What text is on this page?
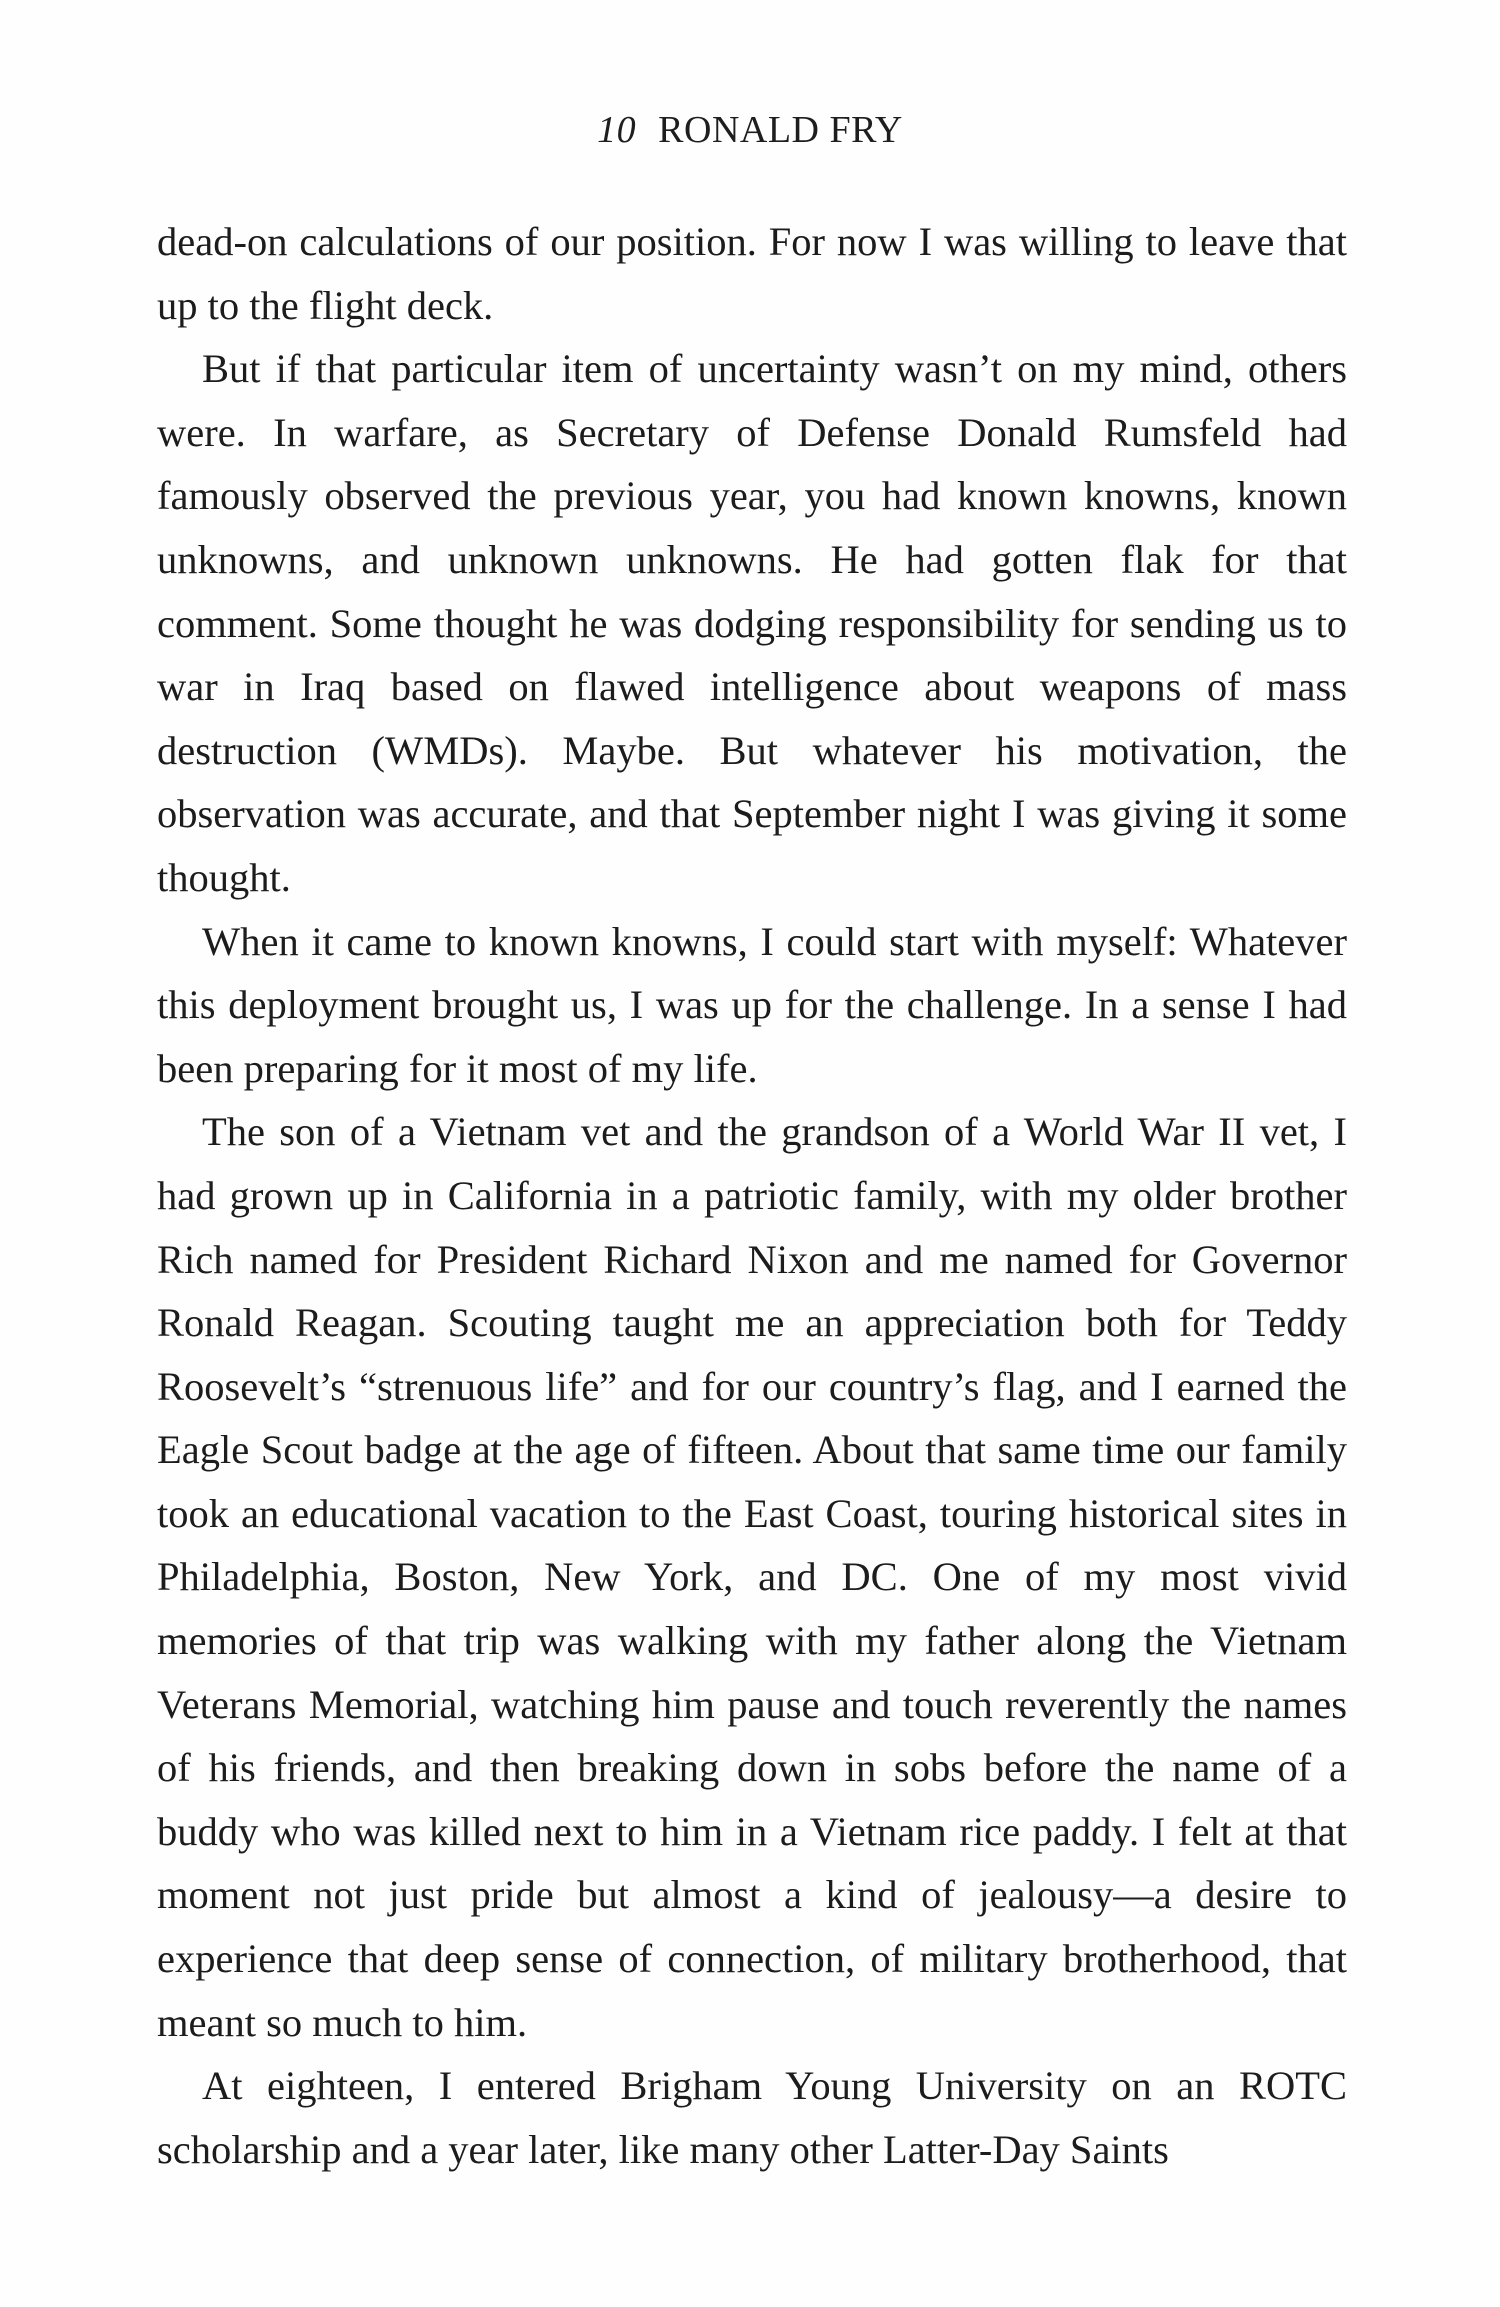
10 RONALD FRY

dead-on calculations of our position. For now I was willing to leave that up to the flight deck.

But if that particular item of uncertainty wasn’t on my mind, others were. In warfare, as Secretary of Defense Donald Rumsfeld had famously observed the previous year, you had known knowns, known unknowns, and unknown unknowns. He had gotten flak for that comment. Some thought he was dodging responsibility for sending us to war in Iraq based on flawed intelligence about weapons of mass destruction (WMDs). Maybe. But whatever his motivation, the observation was accurate, and that September night I was giving it some thought.

When it came to known knowns, I could start with myself: Whatever this deployment brought us, I was up for the challenge. In a sense I had been preparing for it most of my life.

The son of a Vietnam vet and the grandson of a World War II vet, I had grown up in California in a patriotic family, with my older brother Rich named for President Richard Nixon and me named for Governor Ronald Reagan. Scouting taught me an appreciation both for Teddy Roosevelt’s “strenuous life” and for our country’s flag, and I earned the Eagle Scout badge at the age of fifteen. About that same time our family took an educational vacation to the East Coast, touring historical sites in Philadelphia, Boston, New York, and DC. One of my most vivid memories of that trip was walking with my father along the Vietnam Veterans Memorial, watching him pause and touch reverently the names of his friends, and then breaking down in sobs before the name of a buddy who was killed next to him in a Vietnam rice paddy. I felt at that moment not just pride but almost a kind of jealousy—a desire to experience that deep sense of connection, of military brotherhood, that meant so much to him.

At eighteen, I entered Brigham Young University on an ROTC scholarship and a year later, like many other Latter-Day Saints
